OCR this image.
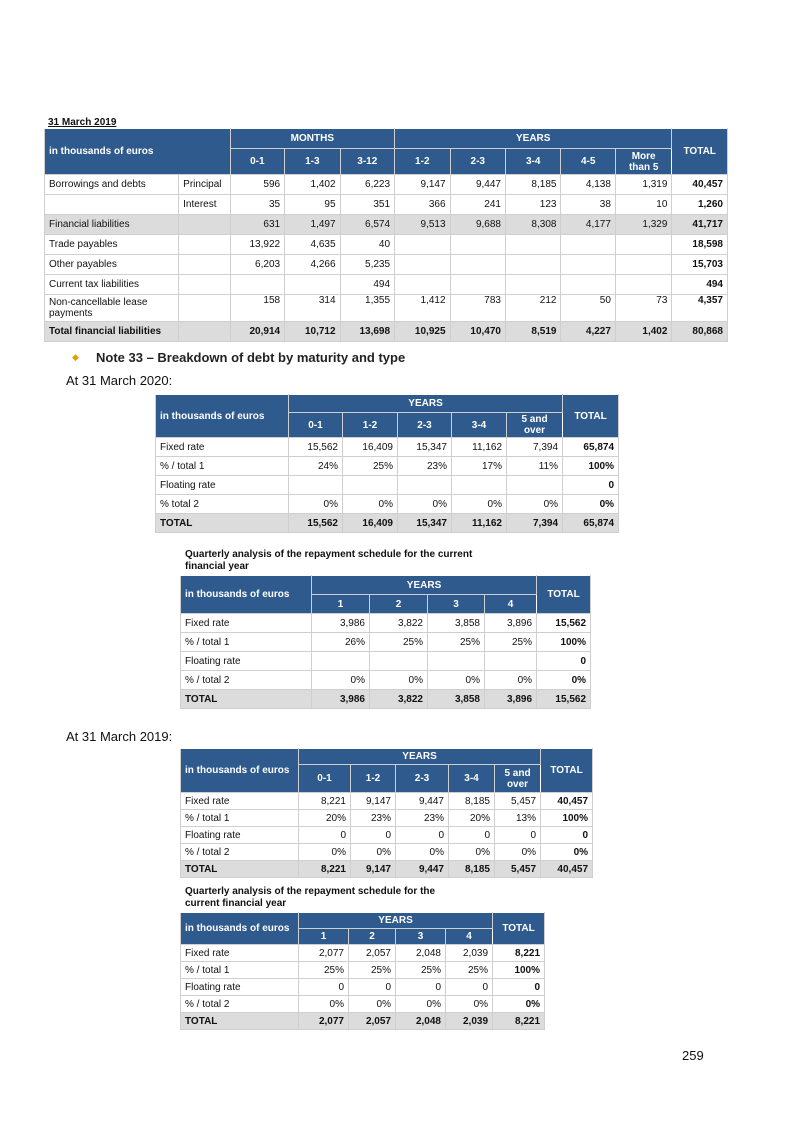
31 March 2019
in thousands of euros		MONTHS			YEARS					TOTAL
		0-1	1-3	3-12	1-2	2-3	3-4	4-5	More than 5	
Borrowings and debts	Principal	596	1,402	6,223	9,147	9,447	8,185	4,138	1,319	40,457
	Interest	35	95	351	366	241	123	38	10	1,260
Financial liabilities		631	1,497	6,574	9,513	9,688	8,308	4,177	1,329	41,717
Trade payables		13,922	4,635	40						18,598
Other payables		6,203	4,266	5,235						15,703
Current tax liabilities				494						494
Non-cancellable lease payments		158	314	1,355	1,412	783	212	50	73	4,357
Total financial liabilities		20,914	10,712	13,698	10,925	10,470	8,519	4,227	1,402	80,868
◆ Note 33 – Breakdown of debt by maturity and type
At 31 March 2020:
in thousands of euros	YEARS					TOTAL
	0-1	1-2	2-3	3-4	5 and over	
Fixed rate	15,562	16,409	15,347	11,162	7,394	65,874
% / total 1	24%	25%	23%	17%	11%	100%
Floating rate						0
% total 2	0%	0%	0%	0%	0%	0%
TOTAL	15,562	16,409	15,347	11,162	7,394	65,874
Quarterly analysis of the repayment schedule for the current financial year
in thousands of euros	YEARS				TOTAL
	1	2	3	4	
Fixed rate	3,986	3,822	3,858	3,896	15,562
% / total 1	26%	25%	25%	25%	100%
Floating rate					0
% / total 2	0%	0%	0%	0%	0%
TOTAL	3,986	3,822	3,858	3,896	15,562
At 31 March 2019:
in thousands of euros	YEARS					TOTAL
	0-1	1-2	2-3	3-4	5 and over	
Fixed rate	8,221	9,147	9,447	8,185	5,457	40,457
% / total 1	20%	23%	23%	20%	13%	100%
Floating rate	0	0	0	0	0	0
% / total 2	0%	0%	0%	0%	0%	0%
TOTAL	8,221	9,147	9,447	8,185	5,457	40,457
Quarterly analysis of the repayment schedule for the current financial year
in thousands of euros	YEARS				TOTAL
	1	2	3	4	
Fixed rate	2,077	2,057	2,048	2,039	8,221
% / total 1	25%	25%	25%	25%	100%
Floating rate	0	0	0	0	0
% / total 2	0%	0%	0%	0%	0%
TOTAL	2,077	2,057	2,048	2,039	8,221
259
